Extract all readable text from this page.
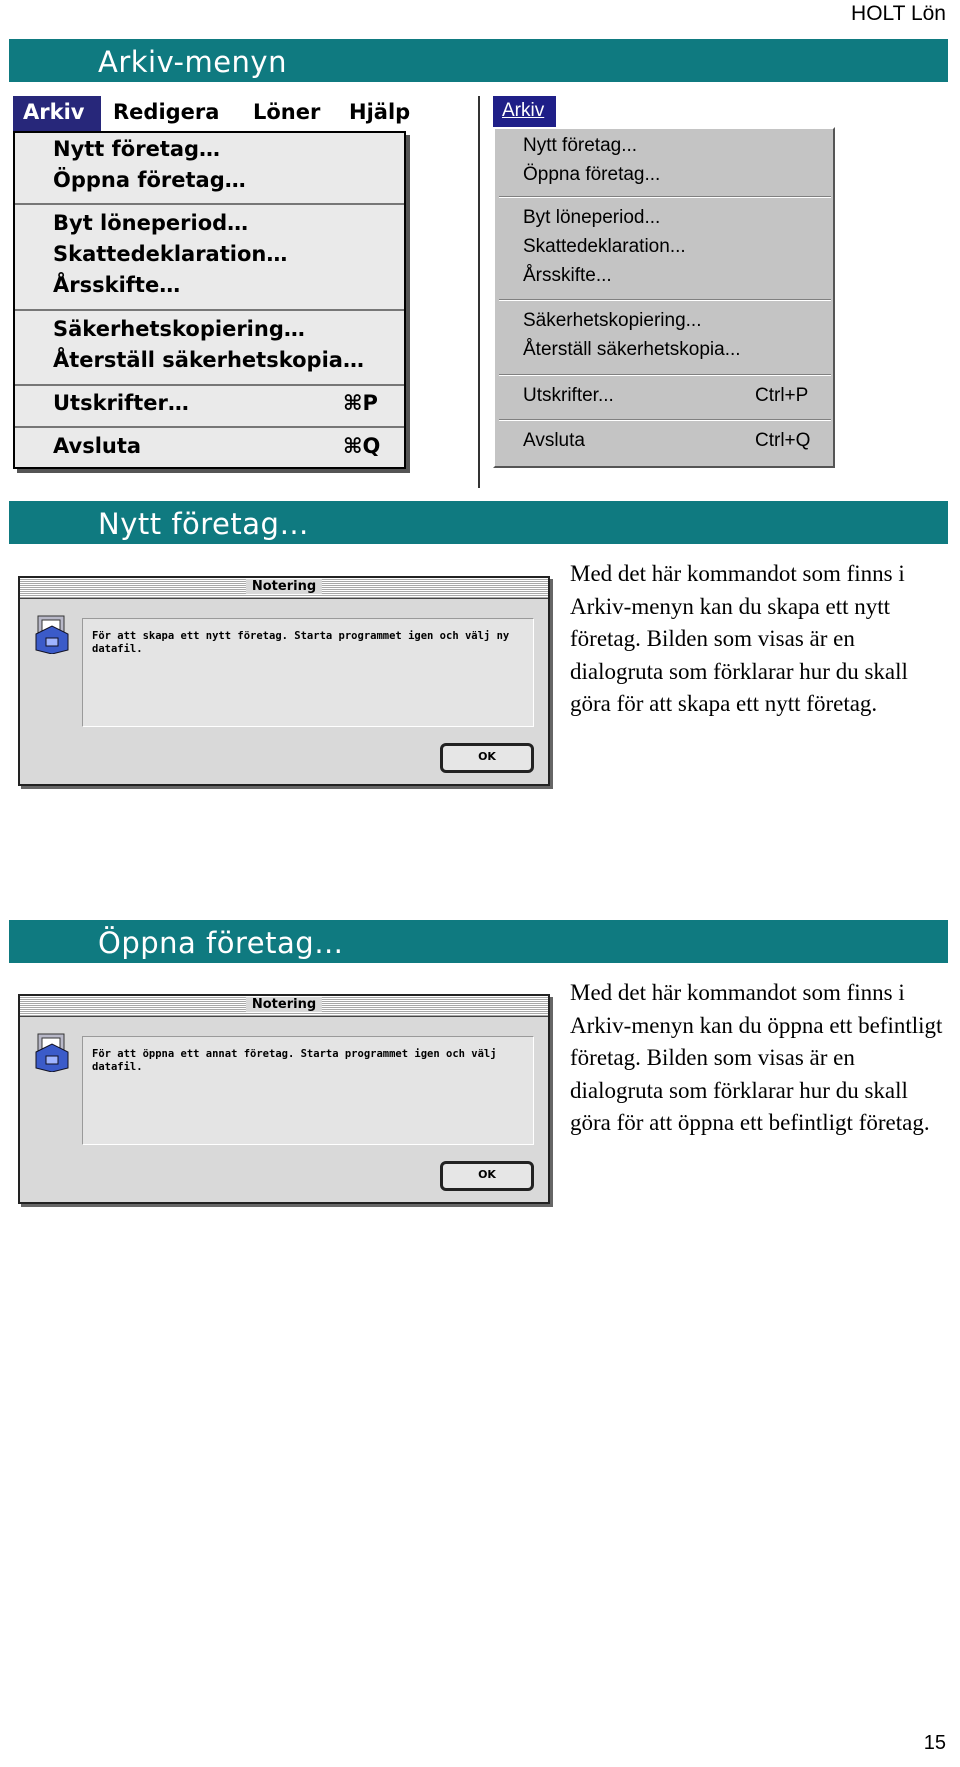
HOLT Lön
Arkiv-menyn
Arkiv Redigera Löner Hjälp
Nytt företag…
Öppna företag…
Byt löneperiod…
Skattedeklaration…
Årsskifte…
Säkerhetskopiering…
Återställ säkerhetskopia…
Utskrifter…	⌘P
Avsluta	⌘Q
Arkiv
Nytt företag...
Öppna företag...
Byt löneperiod...
Skattedeklaration...
Årsskifte...
Säkerhetskopiering...
Återställ säkerhetskopia...
Utskrifter...	Ctrl+P
Avsluta	Ctrl+Q
Nytt företag…
Notering
För att skapa ett nytt företag. Starta programmet igen och välj ny datafil.
OK
Med det här kommandot som finns i Arkiv-menyn kan du skapa ett nytt företag. Bilden som visas är en dialogruta som förklarar hur du skall göra för att skapa ett nytt företag.
Öppna företag…
Notering
För att öppna ett annat företag. Starta programmet igen och välj datafil.
OK
Med det här kommandot som finns i Arkiv-menyn kan du öppna ett befintligt företag. Bilden som visas är en dialogruta som förklarar hur du skall göra för att öppna ett befintligt företag.
15
